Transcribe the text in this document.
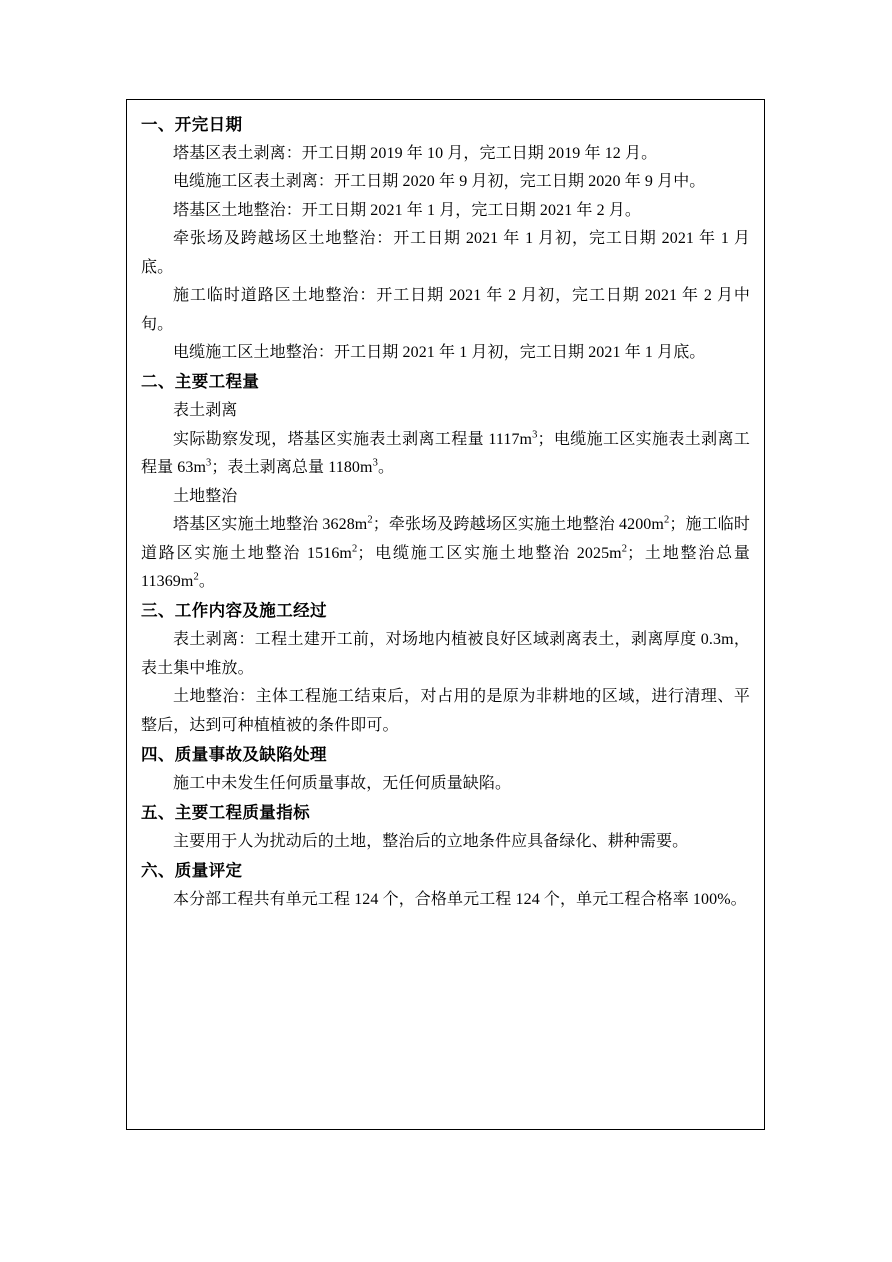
一、开完日期

塔基区表土剥离：开工日期 2019 年 10 月，完工日期 2019 年 12 月。

电缆施工区表土剥离：开工日期 2020 年 9 月初，完工日期 2020 年 9 月中。

塔基区土地整治：开工日期 2021 年 1 月，完工日期 2021 年 2 月。

牵张场及跨越场区土地整治：开工日期 2021 年 1 月初，完工日期 2021 年 1 月底。

施工临时道路区土地整治：开工日期 2021 年 2 月初，完工日期 2021 年 2 月中旬。

电缆施工区土地整治：开工日期 2021 年 1 月初，完工日期 2021 年 1 月底。

二、主要工程量

表土剥离

实际勘察发现，塔基区实施表土剥离工程量 $1117m^3$；电缆施工区实施表土剥离工程量 $63m^3$；表土剥离总量 $1180m^3$。

土地整治

塔基区实施土地整治 $3628m^2$；牵张场及跨越场区实施土地整治 $4200m^2$；施工临时道路区实施土地整治 $1516m^2$；电缆施工区实施土地整治 $2025m^2$；土地整治总量 $11369m^2$。

三、工作内容及施工经过

表土剥离：工程土建开工前，对场地内植被良好区域剥离表土，剥离厚度 0.3m，表土集中堆放。

土地整治：主体工程施工结束后，对占用的是原为非耕地的区域，进行清理、平整后，达到可种植植被的条件即可。

四、质量事故及缺陷处理

施工中未发生任何质量事故，无任何质量缺陷。

五、主要工程质量指标

主要用于人为扰动后的土地，整治后的立地条件应具备绿化、耕种需要。

六、质量评定

本分部工程共有单元工程 124 个，合格单元工程 124 个，单元工程合格率 100%。
